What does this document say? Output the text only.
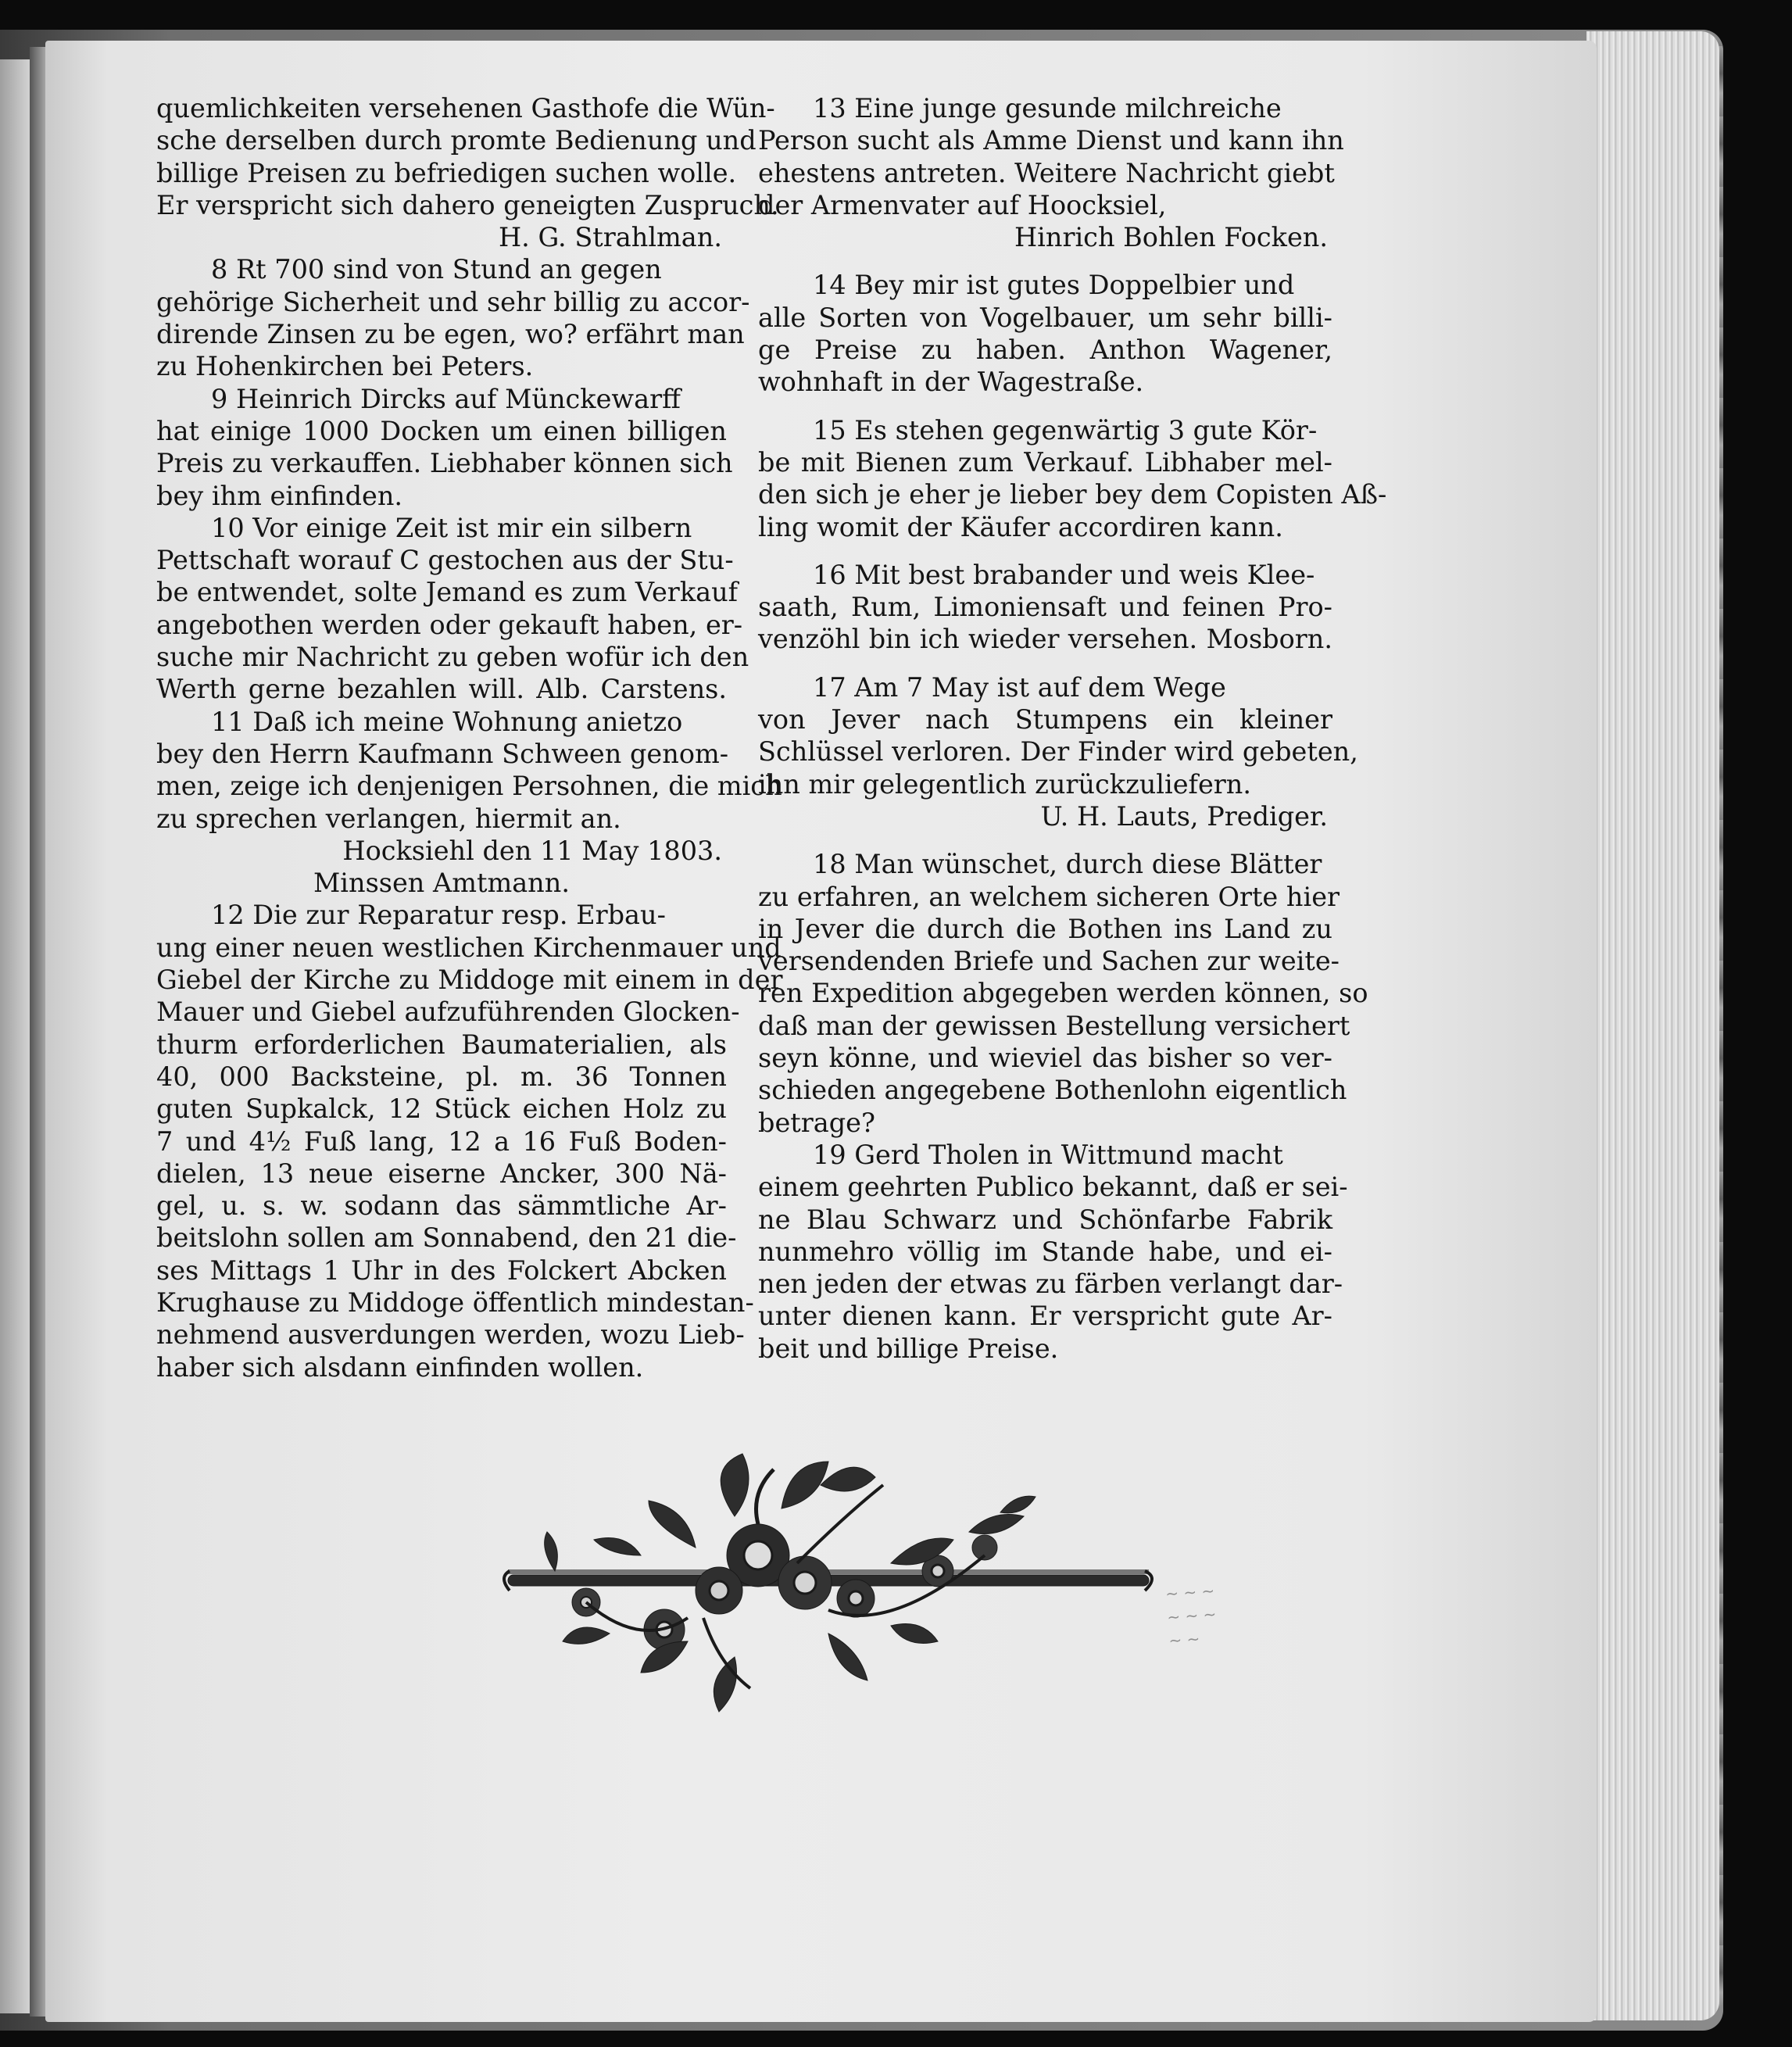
quemlichkeiten versehenen Gasthofe die Wün-
sche derselben durch promte Bedienung und
billige Preisen zu befriedigen suchen wolle.
Er verspricht sich dahero geneigten Zuspruch.
H. G. Strahlman.
8 Rt 700 sind von Stund an gegen
gehörige Sicherheit und sehr billig zu accor-
dirende Zinsen zu be egen, wo? erfährt man
zu Hohenkirchen bei Peters.
9 Heinrich Dircks auf Münckewarff
hat einige 1000 Docken um einen billigen
Preis zu verkauffen. Liebhaber können sich
bey ihm einfinden.
10 Vor einige Zeit ist mir ein silbern
Pettschaft worauf C gestochen aus der Stu-
be entwendet, solte Jemand es zum Verkauf
angebothen werden oder gekauft haben, er-
suche mir Nachricht zu geben wofür ich den
Werth gerne bezahlen will. Alb. Carstens.
11 Daß ich meine Wohnung anietzo
bey den Herrn Kaufmann Schween genom-
men, zeige ich denjenigen Persohnen, die mich
zu sprechen verlangen, hiermit an.
Hocksiehl den 11 May 1803.
Minssen Amtmann.
12 Die zur Reparatur resp. Erbau-
ung einer neuen westlichen Kirchenmauer und
Giebel der Kirche zu Middoge mit einem in der
Mauer und Giebel aufzuführenden Glocken-
thurm erforderlichen Baumaterialien, als
40, 000 Backsteine, pl. m. 36 Tonnen
guten Supkalck, 12 Stück eichen Holz zu
7 und 4½ Fuß lang, 12 a 16 Fuß Boden-
dielen, 13 neue eiserne Ancker, 300 Nä-
gel, u. s. w. sodann das sämmtliche Ar-
beitslohn sollen am Sonnabend, den 21 die-
ses Mittags 1 Uhr in des Folckert Abcken
Krughause zu Middoge öffentlich mindestan-
nehmend ausverdungen werden, wozu Lieb-
haber sich alsdann einfinden wollen.
13 Eine junge gesunde milchreiche
Person sucht als Amme Dienst und kann ihn
ehestens antreten. Weitere Nachricht giebt
der Armenvater auf Hoocksiel,
Hinrich Bohlen Focken.
14 Bey mir ist gutes Doppelbier und
alle Sorten von Vogelbauer, um sehr billi-
ge Preise zu haben. Anthon Wagener,
wohnhaft in der Wagestraße.
15 Es stehen gegenwärtig 3 gute Kör-
be mit Bienen zum Verkauf. Libhaber mel-
den sich je eher je lieber bey dem Copisten Aß-
ling womit der Käufer accordiren kann.
16 Mit best brabander und weis Klee-
saath, Rum, Limoniensaft und feinen Pro-
venzöhl bin ich wieder versehen. Mosborn.
17 Am 7 May ist auf dem Wege
von Jever nach Stumpens ein kleiner
Schlüssel verloren. Der Finder wird gebeten,
ihn mir gelegentlich zurückzuliefern.
U. H. Lauts, Prediger.
18 Man wünschet, durch diese Blätter
zu erfahren, an welchem sicheren Orte hier
in Jever die durch die Bothen ins Land zu
versendenden Briefe und Sachen zur weite-
ren Expedition abgegeben werden können, so
daß man der gewissen Bestellung versichert
seyn könne, und wieviel das bisher so ver-
schieden angegebene Bothenlohn eigentlich
betrage?
19 Gerd Tholen in Wittmund macht
einem geehrten Publico bekannt, daß er sei-
ne Blau Schwarz und Schönfarbe Fabrik
nunmehro völlig im Stande habe, und ei-
nen jeden der etwas zu färben verlangt dar-
unter dienen kann. Er verspricht gute Ar-
beit und billige Preise.
~ ~ ~
~ ~ ~
~ ~
